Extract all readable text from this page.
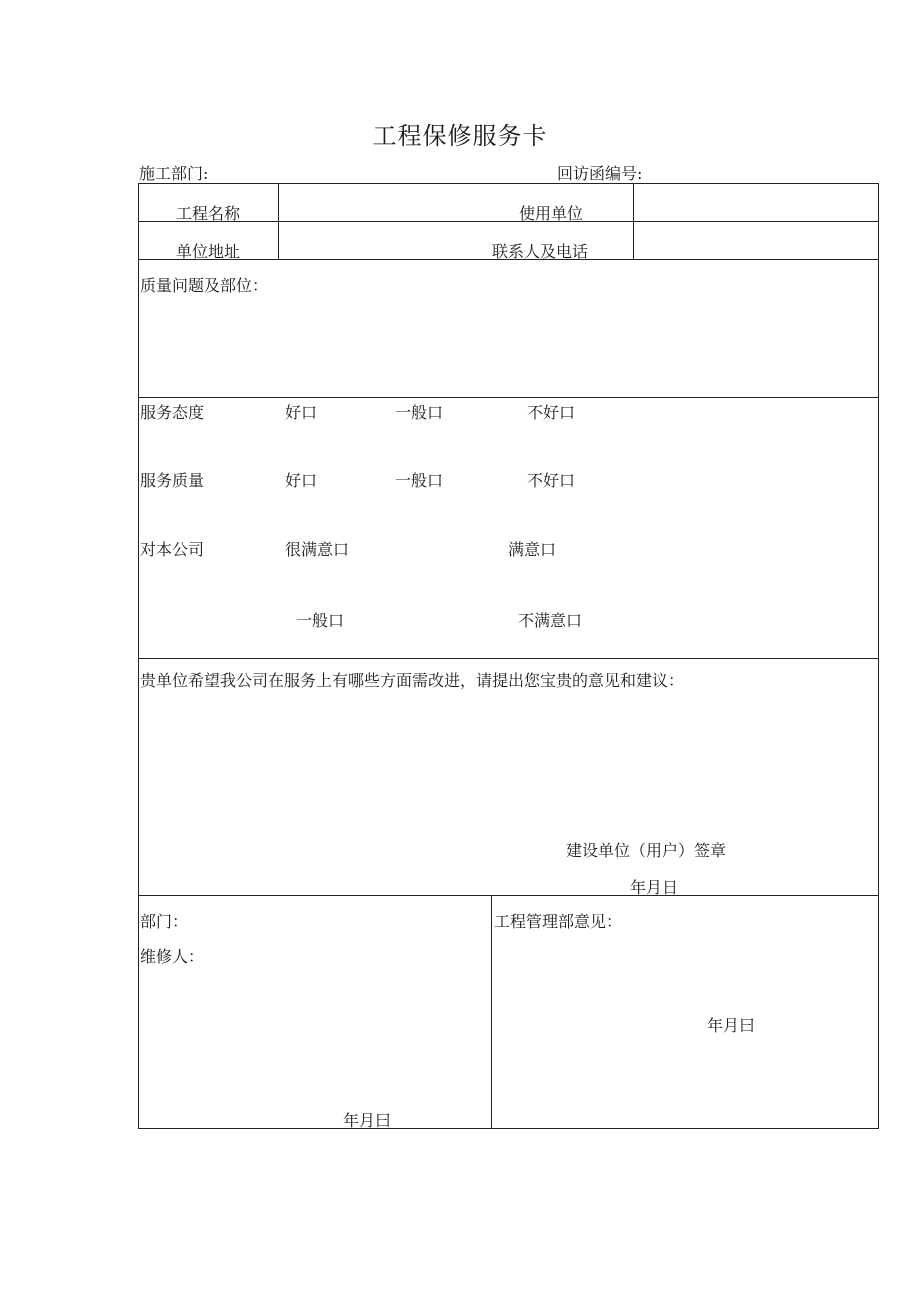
工程保修服务卡
施工部门:	回访函编号:
工程名称	使用单位
单位地址	联系人及电话
质量问题及部位：
服务态度	好口	一般口	不好口
服务质量	好口	一般口	不好口
对本公司	很满意口	满意口
一般口	不满意口
贵单位希望我公司在服务上有哪些方面需改进，请提出您宝贵的意见和建议：
建设单位（用户）签章
年月日
部门：
维修人：
年月曰
工程管理部意见：
年月曰
